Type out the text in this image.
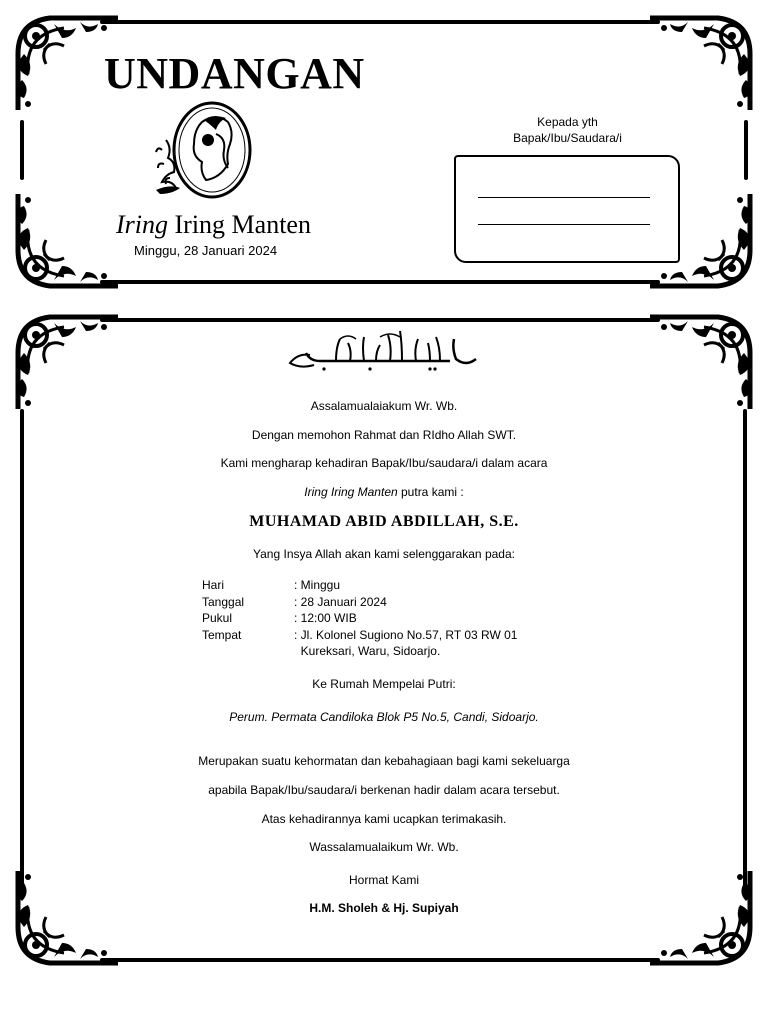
UNDANGAN
Iring Iring Manten
Minggu, 28 Januari 2024
Kepada yth
Bapak/Ibu/Saudara/i
Assalamualaiakum Wr. Wb.
Dengan memohon Rahmat dan RIdho Allah SWT.
Kami mengharap kehadiran Bapak/Ibu/saudara/i dalam acara
Iring Iring Manten putra kami :
MUHAMAD ABID ABDILLAH, S.E.
Yang Insya Allah akan kami selenggarakan pada:
Hari	: Minggu
Tanggal	: 28 Januari 2024
Pukul	: 12:00 WIB
Tempat	: Jl. Kolonel Sugiono No.57, RT 03 RW 01
Kureksari, Waru, Sidoarjo.
Ke Rumah Mempelai Putri:
Perum. Permata Candiloka Blok P5 No.5, Candi, Sidoarjo.
Merupakan suatu kehormatan dan kebahagiaan bagi kami sekeluarga
apabila Bapak/Ibu/saudara/i berkenan hadir dalam acara tersebut.
Atas kehadirannya kami ucapkan terimakasih.
Wassalamualaikum Wr. Wb.
Hormat Kami
H.M. Sholeh & Hj. Supiyah
